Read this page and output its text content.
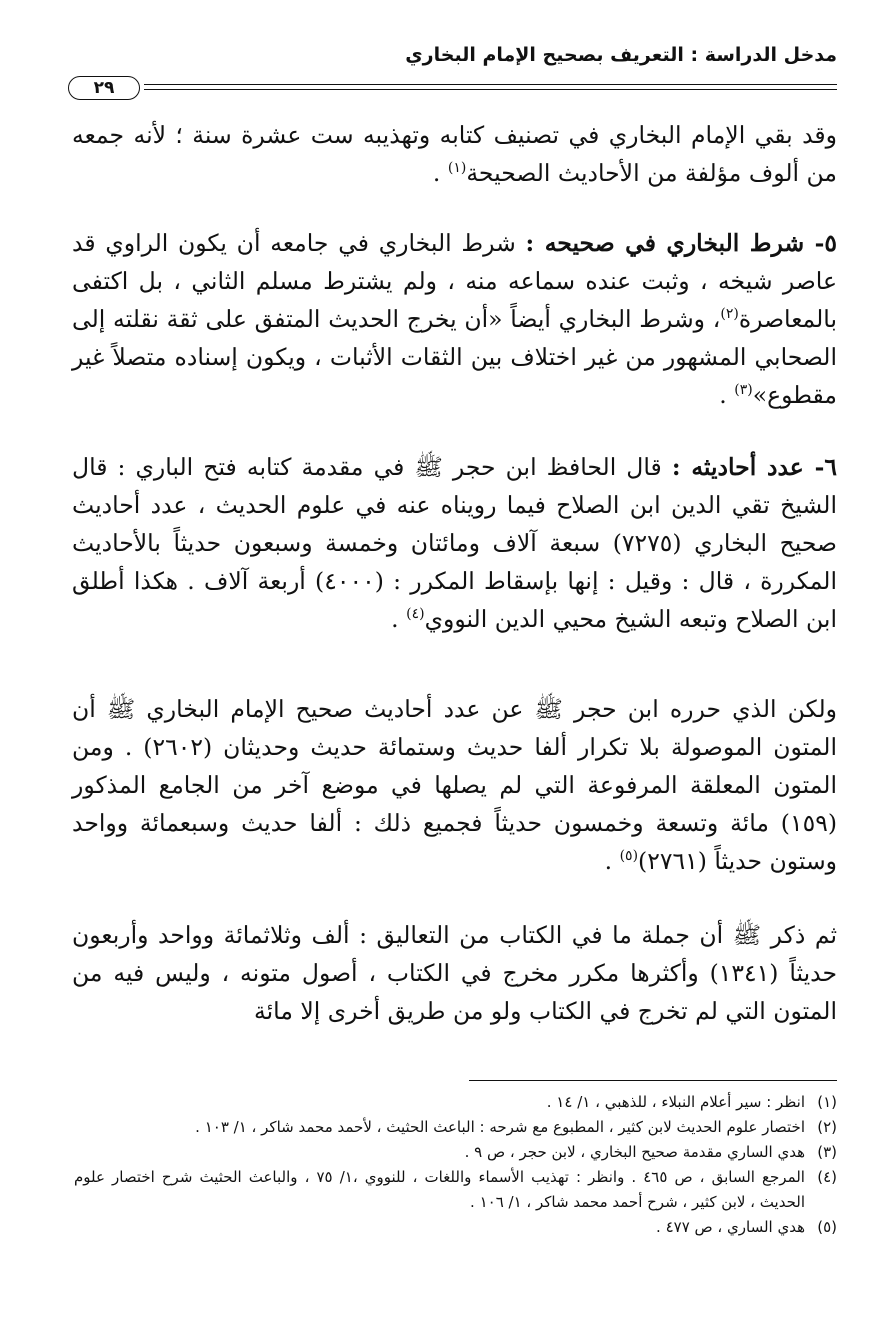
مدخل الدراسة : التعريف بصحيح الإمام البخاري
٢٩

وقد بقي الإمام البخاري في تصنيف كتابه وتهذيبه ست عشرة سنة ؛ لأنه جمعه من ألوف مؤلفة من الأحاديث الصحيحة$^{(١)}$ .

٥- شرط البخاري في صحيحه : شرط البخاري في جامعه أن يكون الراوي قد عاصر شيخه ، وثبت عنده سماعه منه ، ولم يشترط مسلم الثاني ، بل اكتفى بالمعاصرة$^{(٢)}$، وشرط البخاري أيضاً «أن يخرج الحديث المتفق على ثقة نقلته إلى الصحابي المشهور من غير اختلاف بين الثقات الأثبات ، ويكون إسناده متصلاً غير مقطوع»$^{(٣)}$ .

٦- عدد أحاديثه : قال الحافظ ابن حجر ﷺ في مقدمة كتابه فتح الباري : قال الشيخ تقي الدين ابن الصلاح فيما رويناه عنه في علوم الحديث ، عدد أحاديث صحيح البخاري (٧٢٧٥) سبعة آلاف ومائتان وخمسة وسبعون حديثاً بالأحاديث المكررة ، قال : وقيل : إنها بإسقاط المكرر : (٤٠٠٠) أربعة آلاف . هكذا أطلق ابن الصلاح وتبعه الشيخ محيي الدين النووي$^{(٤)}$ .

ولكن الذي حرره ابن حجر ﷺ عن عدد أحاديث صحيح الإمام البخاري ﷺ أن المتون الموصولة بلا تكرار ألفا حديث وستمائة حديث وحديثان (٢٦٠٢) . ومن المتون المعلقة المرفوعة التي لم يصلها في موضع آخر من الجامع المذكور (١٥٩) مائة وتسعة وخمسون حديثاً فجميع ذلك : ألفا حديث وسبعمائة وواحد وستون حديثاً (٢٧٦١)$^{(٥)}$ .

ثم ذكر ﷺ أن جملة ما في الكتاب من التعاليق : ألف وثلاثمائة وواحد وأربعون حديثاً (١٣٤١) وأكثرها مكرر مخرج في الكتاب ، أصول متونه ، وليس فيه من المتون التي لم تخرج في الكتاب ولو من طريق أخرى إلا مائة

(١)
انظر : سير أعلام النبلاء ، للذهبي ، ١/ ١٤ .

(٢)
اختصار علوم الحديث لابن كثير ، المطبوع مع شرحه : الباعث الحثيث ، لأحمد محمد شاكر ، ١/ ١٠٣ .

(٣)
هدي الساري مقدمة صحيح البخاري ، لابن حجر ، ص ٩ .

(٤)
المرجع السابق ، ص ٤٦٥ . وانظر : تهذيب الأسماء واللغات ، للنووي ،١/ ٧٥ ، والباعث الحثيث شرح اختصار علوم الحديث ، لابن كثير ، شرح أحمد محمد شاكر ، ١/ ١٠٦ .

(٥)
هدي الساري ، ص ٤٧٧ .
